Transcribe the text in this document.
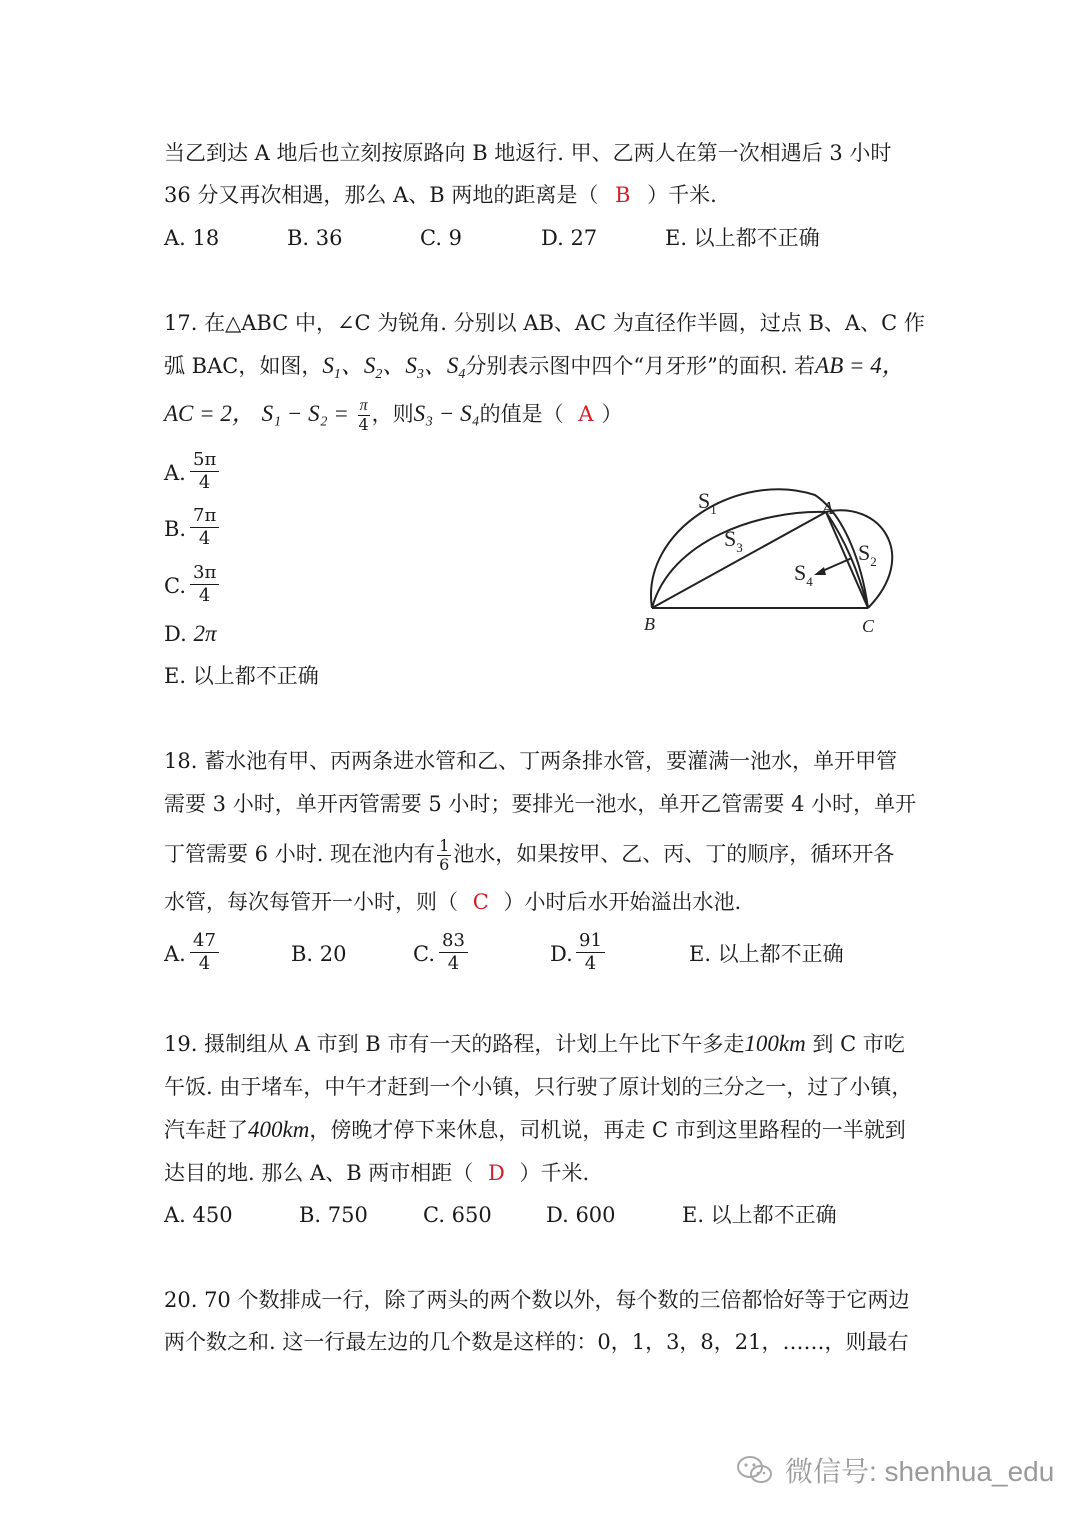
当乙到达 A 地后也立刻按原路向 B 地返行. 甲、乙两人在第一次相遇后 3 小时
36 分又再次相遇，那么 A、B 两地的距离是（ B ）千米.
A. 18	B. 36	C. 9	D. 27	E. 以上都不正确
17. 在△ABC 中，∠C 为锐角. 分别以 AB、AC 为直径作半圆，过点 B、A、C 作
弧 BAC，如图，$S_1$、$S_2$、$S_3$、$S_4$分别表示图中四个“月牙形”的面积. 若AB = 4，
AC = 2， $S_1 - S_2 = \frac{\pi}{4}$ ，则S₃ − S₄的值是（ A ）
A. $\frac{5\pi}{4}$
B. $\frac{7\pi}{4}$
C. $\frac{3\pi}{4}$
D. 2π
E. 以上都不正确
$S_1$
$S_3$	$S_2$
$S_4$
A
B	C
18. 蓄水池有甲、丙两条进水管和乙、丁两条排水管，要灌满一池水，单开甲管
需要 3 小时，单开丙管需要 5 小时；要排光一池水，单开乙管需要 4 小时，单开
丁管需要 6 小时. 现在池内有 $\frac{1}{6}$ 池水，如果按甲、乙、丙、丁的顺序，循环开各
水管，每次每管开一小时，则（ C ）小时后水开始溢出水池.
A. $\frac{47}{4}$	B. 20	C. $\frac{83}{4}$	D. $\frac{91}{4}$	E. 以上都不正确
19. 摄制组从 A 市到 B 市有一天的路程，计划上午比下午多走100km 到 C 市吃
午饭. 由于堵车，中午才赶到一个小镇，只行驶了原计划的三分之一，过了小镇，
汽车赶了400km，傍晚才停下来休息，司机说，再走 C 市到这里路程的一半就到
达目的地. 那么 A、B 两市相距（ D ）千米.
A. 450	B. 750	C. 650	D. 600	E. 以上都不正确
20. 70 个数排成一行，除了两头的两个数以外，每个数的三倍都恰好等于它两边
两个数之和. 这一行最左边的几个数是这样的：0，1，3，8，21，……，则最右
微信号: shenhua_edu
